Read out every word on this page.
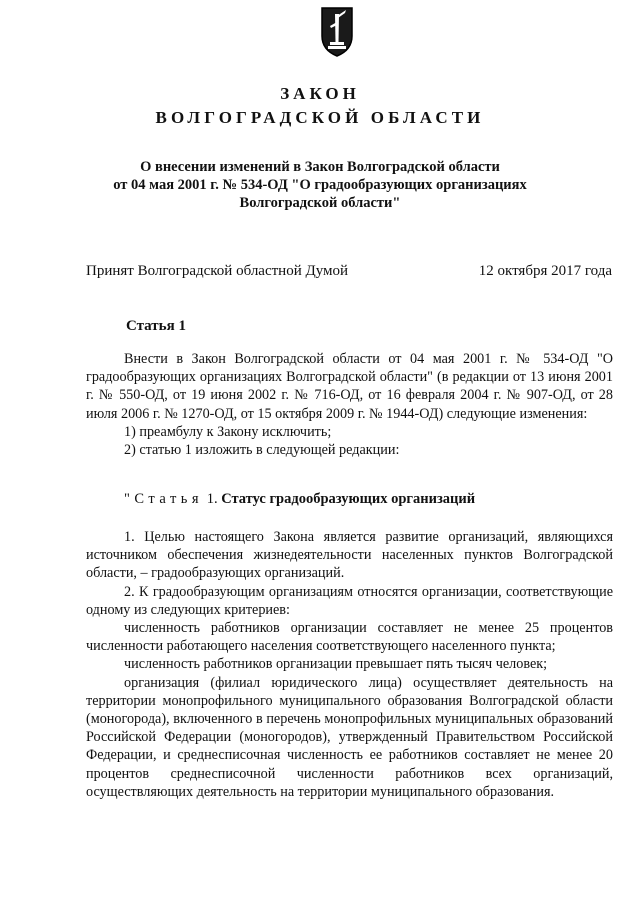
ЗАКОН
ВОЛГОГРАДСКОЙ ОБЛАСТИ
О внесении изменений в Закон Волгоградской области
от 04 мая 2001 г. № 534-ОД "О градообразующих организациях
Волгоградской области"
Принят Волгоградской областной Думой	12 октября 2017 года
Статья 1

Внести в Закон Волгоградской области от 04 мая 2001 г. № 534-ОД "О градообразующих организациях Волгоградской области" (в редакции от 13 июня 2001 г. № 550-ОД, от 19 июня 2002 г. № 716-ОД, от 16 февраля 2004 г. № 907-ОД, от 28 июля 2006 г. № 1270-ОД, от 15 октября 2009 г. № 1944-ОД) следующие изменения:

1) преамбулу к Закону исключить;
2) статью 1 изложить в следующей редакции:
"Статья 1. Статус градообразующих организаций

1. Целью настоящего Закона является развитие организаций, являющихся источником обеспечения жизнедеятельности населенных пунктов Волгоградской области, – градообразующих организаций.

2. К градообразующим организациям относятся организации, соответствующие одному из следующих критериев:

численность работников организации составляет не менее 25 процентов численности работающего населения соответствующего населенного пункта;

численность работников организации превышает пять тысяч человек;

организация (филиал юридического лица) осуществляет деятельность на территории монопрофильного муниципального образования Волгоградской области (моногорода), включенного в перечень монопрофильных муниципальных образований Российской Федерации (моногородов), утвержденный Правительством Российской Федерации, и среднесписочная численность ее работников составляет не менее 20 процентов среднесписочной численности работников всех организаций, осуществляющих деятельность на территории муниципального образования.
